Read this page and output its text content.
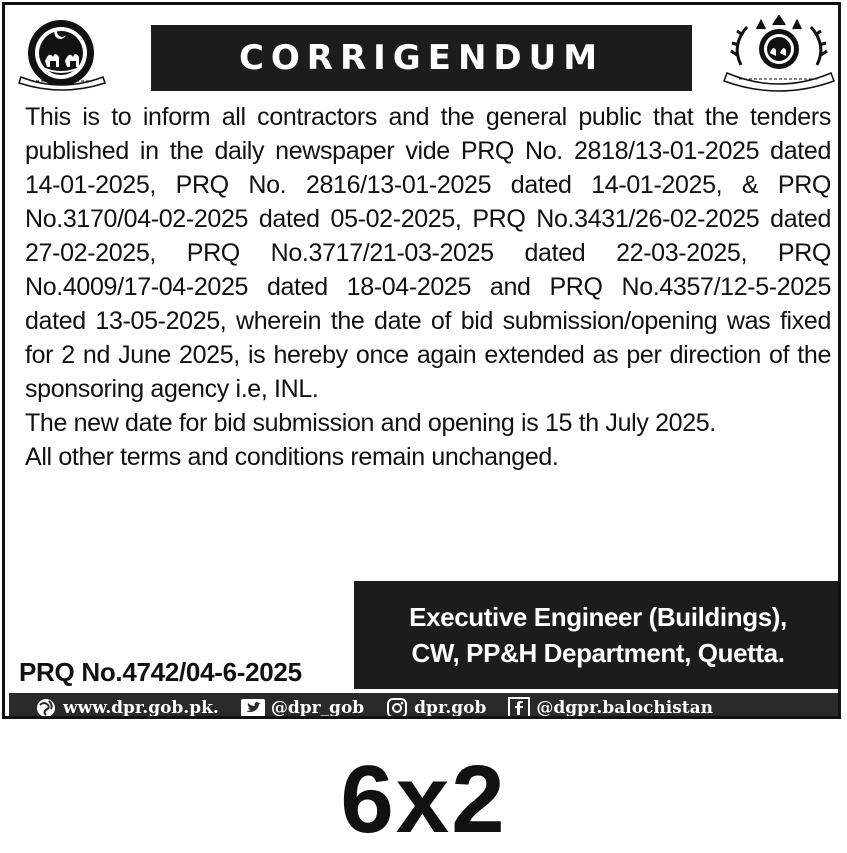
CORRIGENDUM

This is to inform all contractors and the general public that the tenders published in the daily newspaper vide PRQ No. 2818/13-01-2025 dated 14-01-2025, PRQ No. 2816/13-01-2025 dated 14-01-2025, & PRQ No.3170/04-02-2025 dated 05-02-2025, PRQ No.3431/26-02-2025 dated 27-02-2025, PRQ No.3717/21-03-2025 dated 22-03-2025, PRQ No.4009/17-04-2025 dated 18-04-2025 and PRQ No.4357/12-5-2025 dated 13-05-2025, wherein the date of bid submission/opening was fixed for 2 nd June 2025, is hereby once again extended as per direction of the sponsoring agency i.e, INL.

The new date for bid submission and opening is 15 th July 2025.

All other terms and conditions remain unchanged.

Executive Engineer (Buildings),
CW, PP&H Department, Quetta.
PRQ No.4742/04-6-2025
www.dpr.gob.pk.	@dpr_gob	dpr.gob	@dgpr.balochistan
6x2
